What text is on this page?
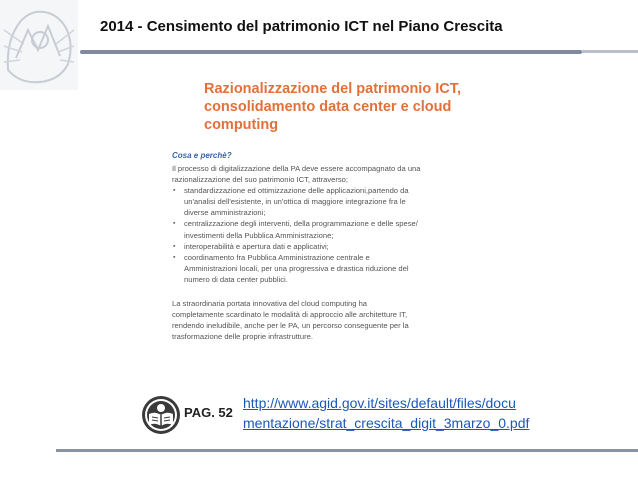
2014 - Censimento del patrimonio ICT nel Piano Crescita
Razionalizzazione del patrimonio ICT,
consolidamento data center e cloud
computing
Cosa e perchè?

Il processo di digitalizzazione della PA deve essere accompagnato da una
razionalizzazione del suo patrimonio ICT, attraverso;

▪ standardizzazione ed ottimizzazione delle applicazioni,partendo da
un'analisi dell'esistente, in un'ottica di maggiore integrazione fra le
diverse amministrazioni;
▪ centralizzazione degli interventi, della programmazione e delle spese/
investimenti della Pubblica Amministrazione;
▪ interoperabilità e apertura dati e applicativi;
▪ coordinamento fra Pubblica Amministrazione centrale e
Amministrazioni locali, per una progressiva e drastica riduzione del
numero di data center pubblici.

La straordinaria portata innovativa del cloud computing ha
completamente scardinato le modalità di approccio alle architetture IT,
rendendo ineludibile, anche per le PA, un percorso conseguente per la
trasformazione delle proprie infrastrutture.

PAG. 52
http://www.agid.gov.it/sites/default/files/docu
mentazione/strat_crescita_digit_3marzo_0.pdf
